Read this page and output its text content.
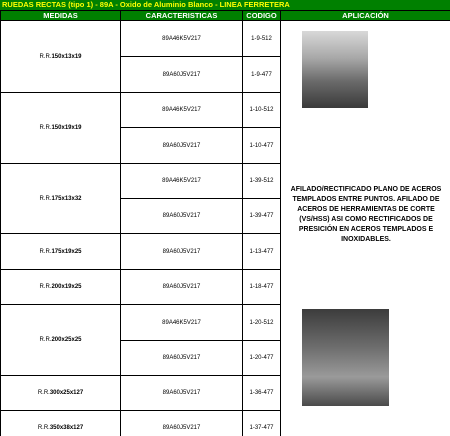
RUEDAS RECTAS (tipo 1) - 89A - Oxido de Aluminio Blanco - LINEA FERRETERA
MEDIDAS	CARACTERISTICAS	CODIGO	APLICACIÓN
R.R.150x13x19	89A46K5V217	1-9-512	AFILADO/RECTIFICADO PLANO DE ACEROS TEMPLADOS ENTRE PUNTOS. AFILADO DE ACEROS DE HERRAMIENTAS DE CORTE (VS/HSS) ASI COMO RECTIFICADOS DE PRESICIÓN EN ACEROS TEMPLADOS E INOXIDABLES.

	89A60J5V217	1-9-477	
R.R.150x19x19	89A46K5V217	1-10-512	
	89A60J5V217	1-10-477	
R.R.175x13x32	89A46K5V217	1-39-512	
	89A60J5V217	1-39-477	
R.R.175x19x25	89A60J5V217	1-13-477	
R.R.200x19x25	89A60J5V217	1-18-477	
R.R.200x25x25	89A46K5V217	1-20-512	
	89A60J5V217	1-20-477	
R.R.300x25x127	89A60J5V217	1-36-477	
R.R.350x38x127	89A60J5V217	1-37-477	
